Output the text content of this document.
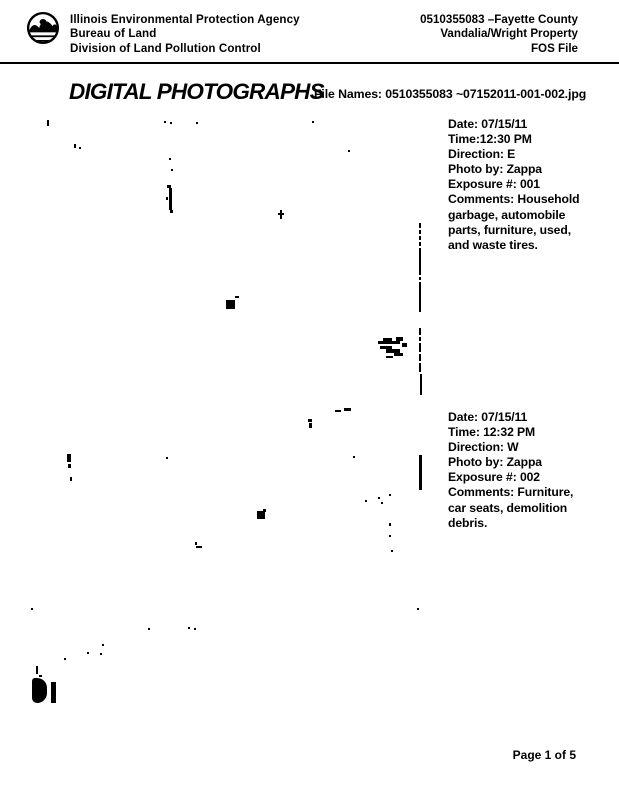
Illinois Environmental Protection Agency
Bureau of Land
Division of Land Pollution Control
0510355083 –Fayette County
Vandalia/Wright Property
FOS File
DIGITAL PHOTOGRAPHS
File Names: 0510355083 ~07152011-001-002.jpg
Date: 07/15/11
Time:12:30 PM
Direction: E
Photo by: Zappa
Exposure #: 001
Comments: Household
garbage, automobile
parts, furniture, used,
and waste tires.
Date: 07/15/11
Time: 12:32 PM
Direction: W
Photo by: Zappa
Exposure #: 002
Comments: Furniture,
car seats, demolition
debris.
Page 1 of 5
